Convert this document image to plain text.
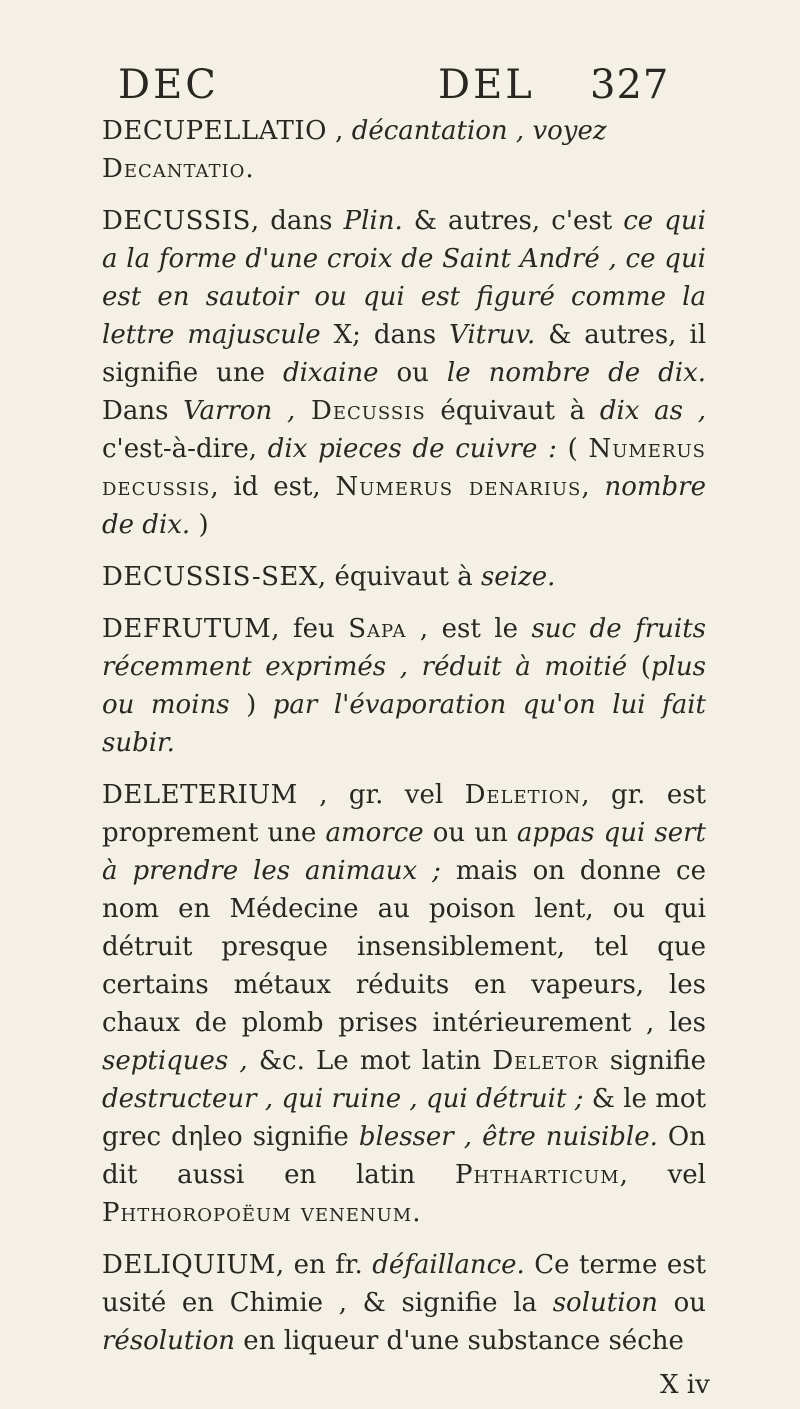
DEC	DEL 327

DECUPELLATIO , décantation , voyez
Decantatio.

DECUSSIS, dans Plin. & autres, c'est ce qui a la forme d'une croix de Saint André , ce qui est en sautoir ou qui est figuré comme la lettre majuscule X; dans Vitruv. & autres, il signifie une dixaine ou le nombre de dix. Dans Varron , Decussis équivaut à dix as , c'est-à-dire, dix pieces de cuivre : ( Numerus decussis, id est, Numerus denarius, nombre de dix. )

DECUSSIS-SEX, équivaut à seize.

DEFRUTUM, feu Sapa , est le suc de fruits récemment exprimés , réduit à moitié (plus ou moins ) par l'évaporation qu'on lui fait subir.

DELETERIUM , gr. vel Deletion, gr. est proprement une amorce ou un appas qui sert à prendre les animaux ; mais on donne ce nom en Médecine au poison lent, ou qui détruit presque insensiblement, tel que certains métaux réduits en vapeurs, les chaux de plomb prises intérieurement , les septiques , &c. Le mot latin Deletor signifie destructeur , qui ruine , qui détruit ; & le mot grec dηleo signifie blesser , être nuisible. On dit aussi en latin Phtharticum, vel Phthoropoëum venenum.

DELIQUIUM, en fr. défaillance. Ce terme est usité en Chimie , & signifie la solution ou résolution en liqueur d'une substance séche

X iv
